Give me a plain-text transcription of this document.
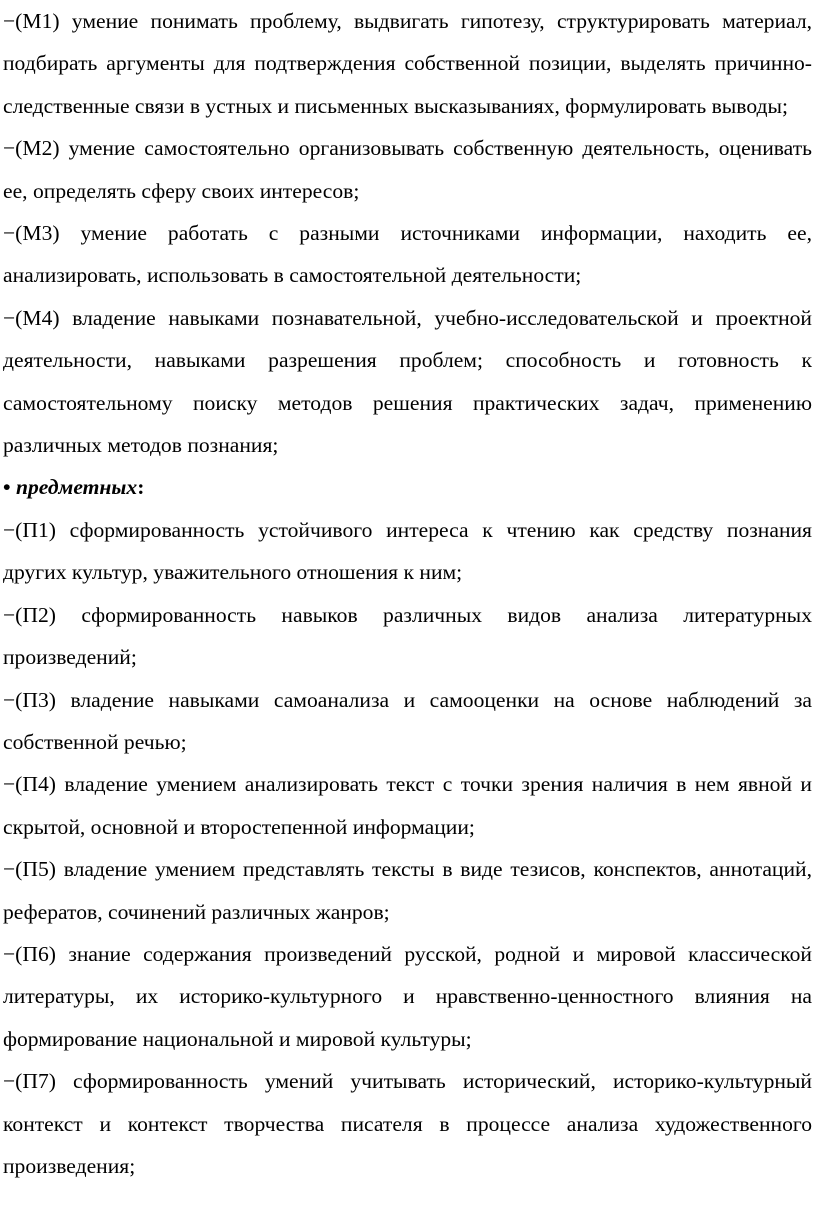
−(М1) умение понимать проблему, выдвигать гипотезу, структурировать материал, подбирать аргументы для подтверждения собственной позиции, выделять причинно-следственные связи в устных и письменных высказываниях, формулировать выводы;

−(М2) умение самостоятельно организовывать собственную деятельность, оценивать ее, определять сферу своих интересов;

−(М3) умение работать с разными источниками информации, находить ее, анализировать, использовать в самостоятельной деятельности;

−(М4) владение навыками познавательной, учебно-исследовательской и проектной деятельности, навыками разрешения проблем; способность и готовность к самостоятельному поиску методов решения практических задач, применению различных методов познания;

• предметных:

−(П1) сформированность устойчивого интереса к чтению как средству познания других культур, уважительного отношения к ним;

−(П2) сформированность навыков различных видов анализа литературных произведений;

−(П3) владение навыками самоанализа и самооценки на основе наблюдений за собственной речью;

−(П4) владение умением анализировать текст с точки зрения наличия в нем явной и скрытой, основной и второстепенной информации;

−(П5) владение умением представлять тексты в виде тезисов, конспектов, аннотаций, рефератов, сочинений различных жанров;

−(П6) знание содержания произведений русской, родной и мировой классической литературы, их историко-культурного и нравственно-ценностного влияния на формирование национальной и мировой культуры;

−(П7) сформированность умений учитывать исторический, историко-культурный контекст и контекст творчества писателя в процессе анализа художественного произведения;
